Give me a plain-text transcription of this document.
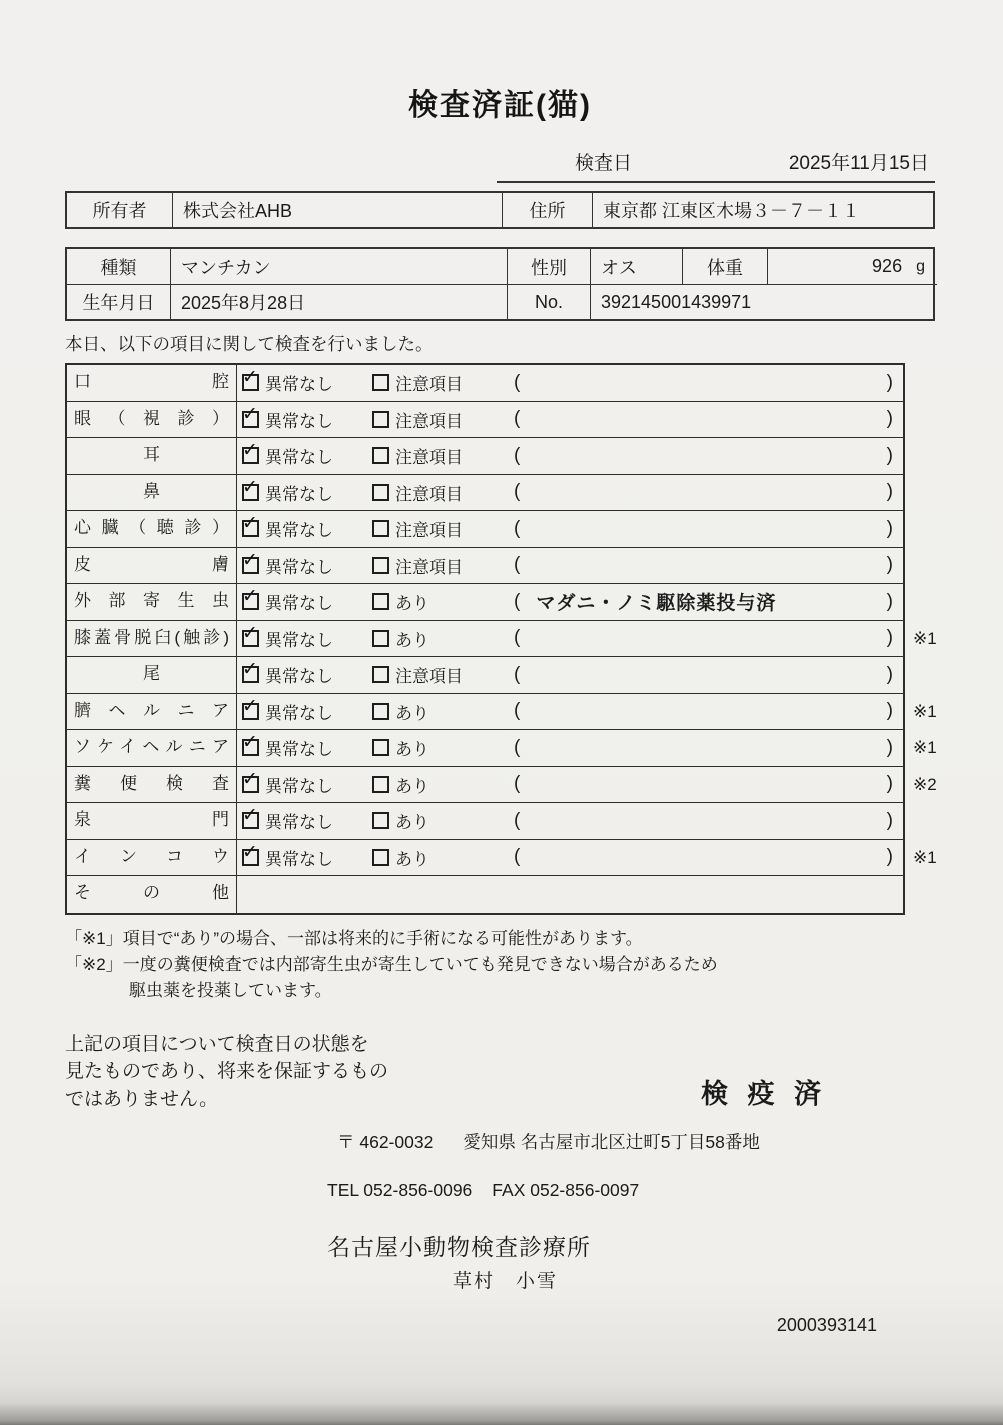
検査済証(猫)
検査日	2025年11月15日
所有者	株式会社AHB	住所	東京都 江東区木場３－７－１１
種類	マンチカン	性別	オス	体重	926 g
生年月日	2025年8月28日	No.	392145001439971
本日、以下の項目に関して検査を行いました。
口 腔 ✓	異常なし	注意項目	(	)
眼 （ 視 診 ） ✓	異常なし	注意項目	(	)
耳 ✓	異常なし	注意項目	(	)
鼻 ✓	異常なし	注意項目	(	)
心 臓 （ 聴 診 ） ✓	異常なし	注意項目	(	)
皮 膚 ✓	異常なし	注意項目	(	)
外 部 寄 生 虫 ✓	異常なし	あり	( マダニ・ノミ駆除薬投与済	)
膝蓋骨脱臼(触診) ✓	異常なし	あり	(	) ※1
尾 ✓	異常なし	注意項目	(	)
臍 ヘ ル ニ ア ✓	異常なし	あり	(	) ※1
ソケイヘルニア ✓	異常なし	あり	(	) ※1
糞 便 検 査 ✓	異常なし	あり	(	) ※2
泉 門 ✓	異常なし	あり	(	)
イ ン コ ウ ✓	異常なし	あり	(	) ※1
そ の 他
「※1」項目で“あり”の場合、一部は将来的に手術になる可能性があります。
「※2」一度の糞便検査では内部寄生虫が寄生していても発見できない場合があるため
駆虫薬を投薬しています。
上記の項目について検査日の状態を
見たものであり、将来を保証するもの
ではありません。	検 疫 済
〒 462-0032 愛知県 名古屋市北区辻町5丁目58番地
TEL 052-856-0096 FAX 052-856-0097
名古屋小動物検査診療所
草村　小雪
2000393141
